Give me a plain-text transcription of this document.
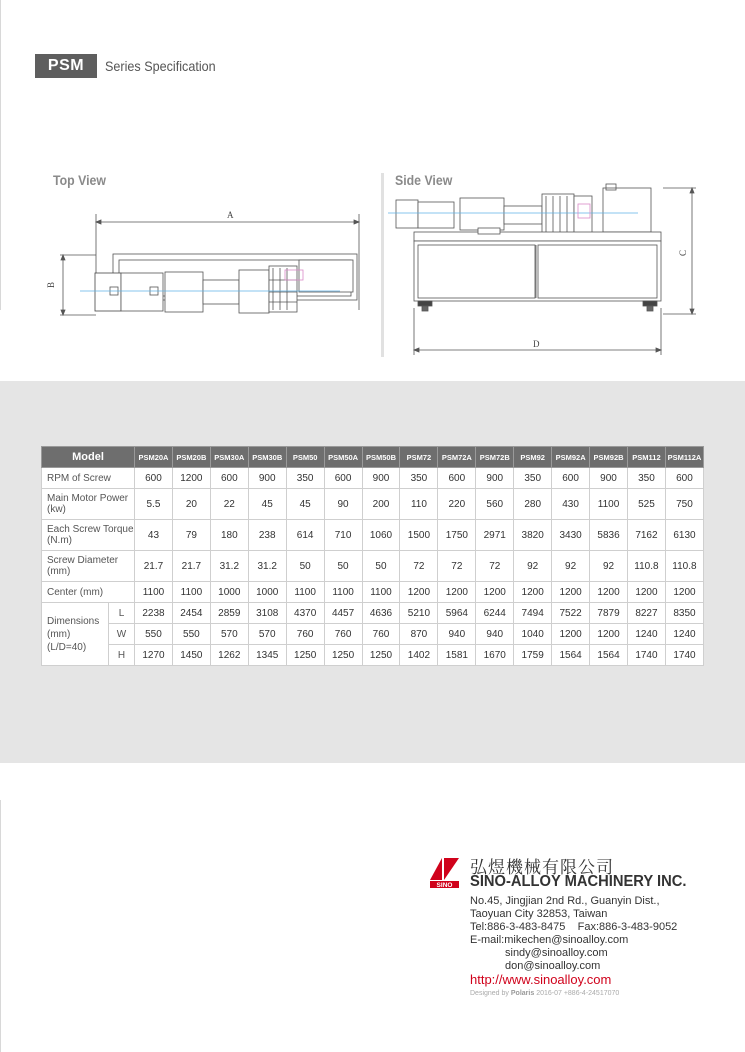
PSM	Series Specification
Top View
A
B
Side View
C
D
Model		PSM20A	PSM20B	PSM30A	PSM30B	PSM50	PSM50A	PSM50B	PSM72	PSM72A	PSM72B	PSM92	PSM92A	PSM92B	PSM112	PSM112A
RPM of Screw		600	1200	600	900	350	600	900	350	600	900	350	600	900	350	600
Main Motor Power (kw)		5.5	20	22	45	45	90	200	110	220	560	280	430	1100	525	750
Each Screw Torque (N.m)		43	79	180	238	614	710	1060	1500	1750	2971	3820	3430	5836	7162	6130
Screw Diameter (mm)		21.7	21.7	31.2	31.2	50	50	50	72	72	72	92	92	92	110.8	110.8
Center (mm)		1100	1100	1000	1000	1100	1100	1100	1200	1200	1200	1200	1200	1200	1200	1200

Dimensions
(mm)
(L/D=40)	L	2238	2454	2859	3108	4370	4457	4636	5210	5964	6244	7494	7522	7879	8227	8350
	W	550	550	570	570	760	760	760	870	940	940	1040	1200	1200	1240	1240
	H	1270	1450	1262	1345	1250	1250	1250	1402	1581	1670	1759	1564	1564	1740	1740
SINO
弘煜機械有限公司
SINO-ALLOY MACHINERY INC.
No.45, Jingjian 2nd Rd., Guanyin Dist.,
Taoyuan City 32853, Taiwan
Tel:886-3-483-8475    Fax:886-3-483-9052
E-mail:mikechen@sinoalloy.com
sindy@sinoalloy.com
don@sinoalloy.com
http://www.sinoalloy.com
Designed by Polaris 2016-07 +886-4-24517070
